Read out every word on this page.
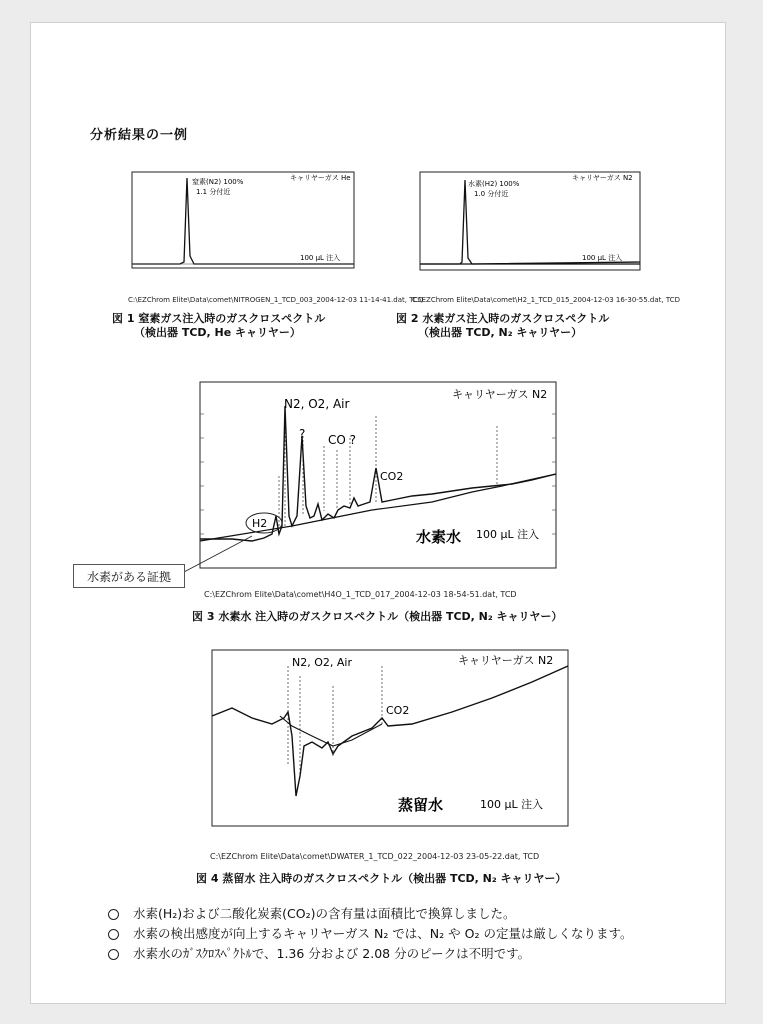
分析結果の一例
窒素(N2) 100%
1.1 分付近
キャリヤーガス He
100 μL 注入
C:\EZChrom Elite\Data\comet\NITROGEN_1_TCD_003_2004-12-03 11-14-41.dat, TCD
図 1 窒素ガス注入時のガスクロスペクトル
（検出器 TCD, He キャリヤー）
水素(H2) 100%
1.0 分付近
キャリヤーガス N2
100 μL 注入
C:\EZChrom Elite\Data\comet\H2_1_TCD_015_2004-12-03 16-30-55.dat, TCD
図 2 水素ガス注入時のガスクロスペクトル
（検出器 TCD, N₂ キャリヤー）
N2, O2, Air
? CO ?
CO2
H2
キャリヤーガス N2
水素水 100 μL 注入
水素がある証拠
C:\EZChrom Elite\Data\comet\H4O_1_TCD_017_2004-12-03 18-54-51.dat, TCD
図 3 水素水 注入時のガスクロスペクトル（検出器 TCD, N₂ キャリヤー）
N2, O2, Air
CO2
キャリヤーガス N2
蒸留水	100 μL 注入
C:\EZChrom Elite\Data\comet\DWATER_1_TCD_022_2004-12-03 23-05-22.dat, TCD
図 4 蒸留水 注入時のガスクロスペクトル（検出器 TCD, N₂ キャリヤー）
水素(H₂)および二酸化炭素(CO₂)の含有量は面積比で換算しました。
水素の検出感度が向上するキャリヤーガス N₂ では、N₂ や O₂ の定量は厳しくなります。
水素水のｶﾞｽｸﾛｽﾍﾟｸﾄﾙで、1.36 分および 2.08 分のピークは不明です。
